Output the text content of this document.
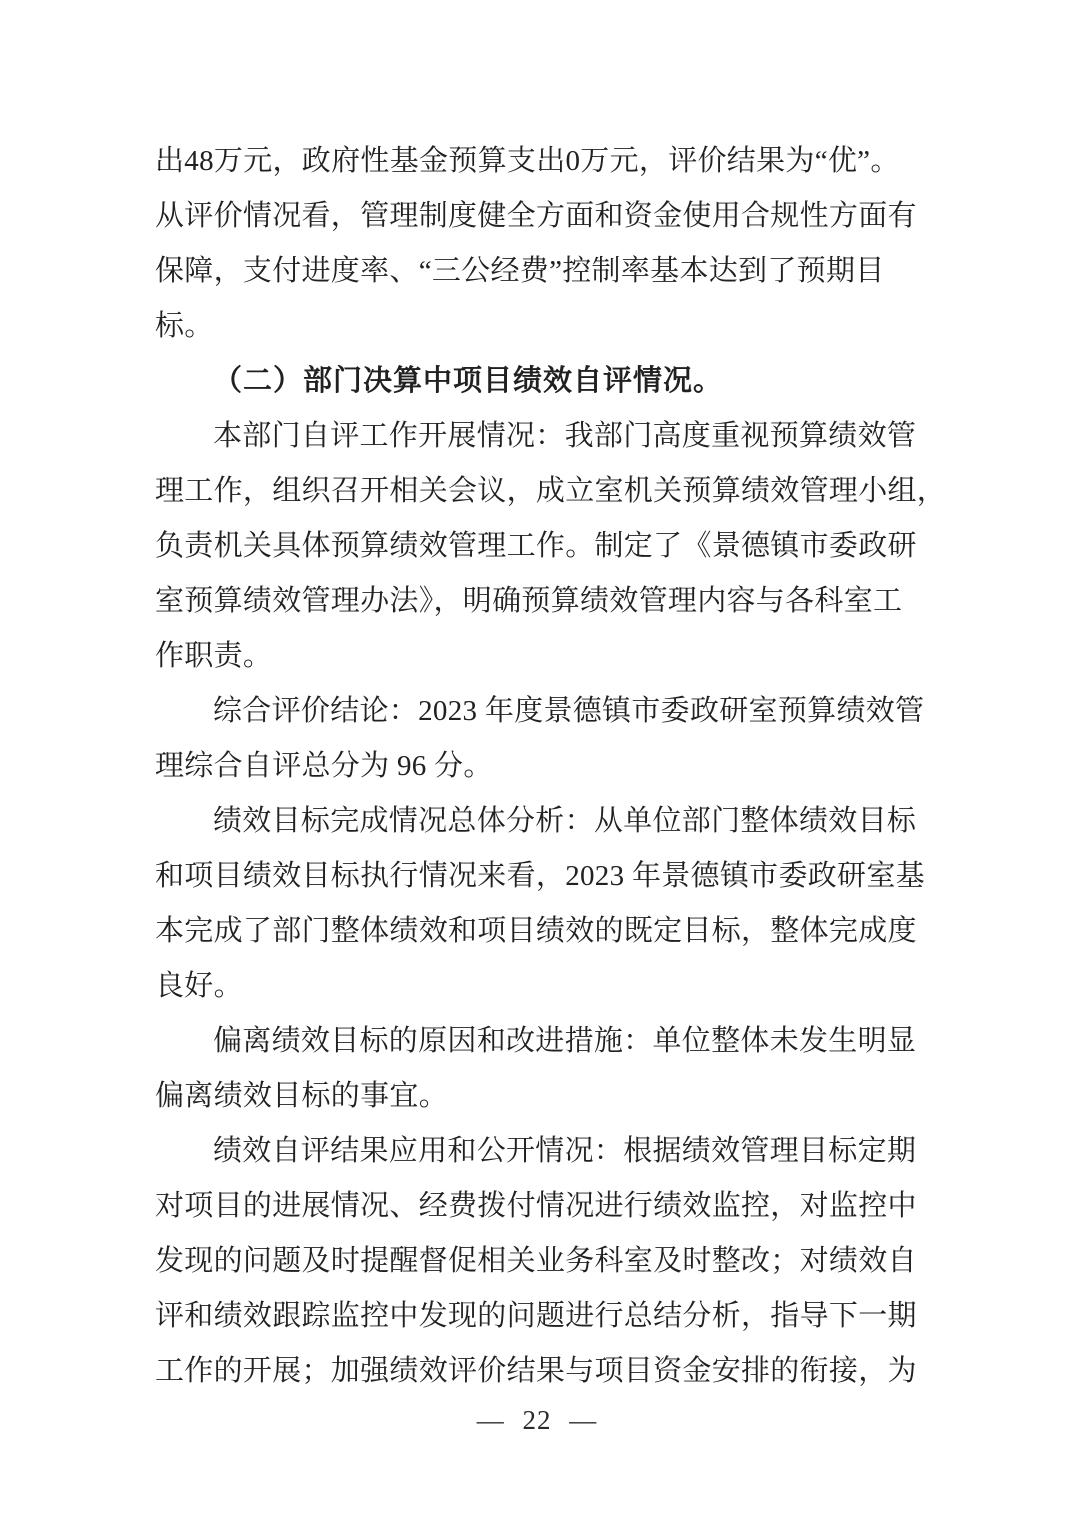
出48万元，政府性基金预算支出0万元，评价结果为“优”。
从评价情况看，管理制度健全方面和资金使用合规性方面有
保障，支付进度率、“三公经费”控制率基本达到了预期目
标。
（二）部门决算中项目绩效自评情况。
本部门自评工作开展情况：我部门高度重视预算绩效管
理工作，组织召开相关会议，成立室机关预算绩效管理小组，
负责机关具体预算绩效管理工作。制定了《景德镇市委政研
室预算绩效管理办法》，明确预算绩效管理内容与各科室工
作职责。
综合评价结论：2023 年度景德镇市委政研室预算绩效管
理综合自评总分为 96 分。
绩效目标完成情况总体分析：从单位部门整体绩效目标
和项目绩效目标执行情况来看，2023 年景德镇市委政研室基
本完成了部门整体绩效和项目绩效的既定目标，整体完成度
良好。
偏离绩效目标的原因和改进措施：单位整体未发生明显
偏离绩效目标的事宜。
绩效自评结果应用和公开情况：根据绩效管理目标定期
对项目的进展情况、经费拨付情况进行绩效监控，对监控中
发现的问题及时提醒督促相关业务科室及时整改；对绩效自
评和绩效跟踪监控中发现的问题进行总结分析，指导下一期
工作的开展；加强绩效评价结果与项目资金安排的衔接，为
— 22 —
